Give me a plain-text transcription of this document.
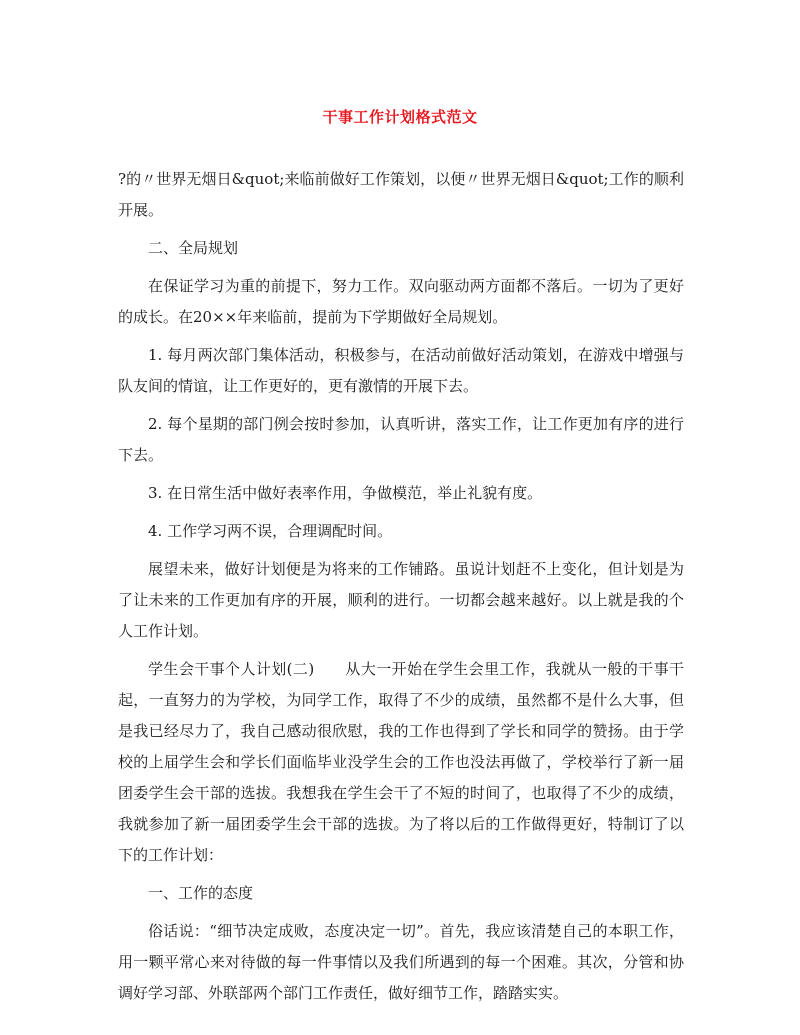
干事工作计划格式范文

?的〃世界无烟日&quot;来临前做好工作策划，以便〃世界无烟日&quot;工作的顺利开展。

二、全局规划

在保证学习为重的前提下，努力工作。双向驱动两方面都不落后。一切为了更好的成长。在20××年来临前，提前为下学期做好全局规划。

1. 每月两次部门集体活动，积极参与，在活动前做好活动策划，在游戏中增强与队友间的情谊，让工作更好的，更有激情的开展下去。

2. 每个星期的部门例会按时参加，认真听讲，落实工作，让工作更加有序的进行下去。

3. 在日常生活中做好表率作用，争做模范，举止礼貌有度。

4. 工作学习两不误，合理调配时间。

展望未来，做好计划便是为将来的工作铺路。虽说计划赶不上变化，但计划是为了让未来的工作更加有序的开展，顺利的进行。一切都会越来越好。以上就是我的个人工作计划。

学生会干事个人计划(二)　　从大一开始在学生会里工作，我就从一般的干事干起，一直努力的为学校，为同学工作，取得了不少的成绩，虽然都不是什么大事，但是我已经尽力了，我自己感动很欣慰，我的工作也得到了学长和同学的赞扬。由于学校的上届学生会和学长们面临毕业没学生会的工作也没法再做了，学校举行了新一届团委学生会干部的选拔。我想我在学生会干了不短的时间了，也取得了不少的成绩，我就参加了新一届团委学生会干部的选拔。为了将以后的工作做得更好，特制订了以下的工作计划：

一、工作的态度

俗话说：“细节决定成败，态度决定一切”。首先，我应该清楚自己的本职工作，用一颗平常心来对待做的每一件事情以及我们所遇到的每一个困难。其次，分管和协调好学习部、外联部两个部门工作责任，做好细节工作，踏踏实实。
